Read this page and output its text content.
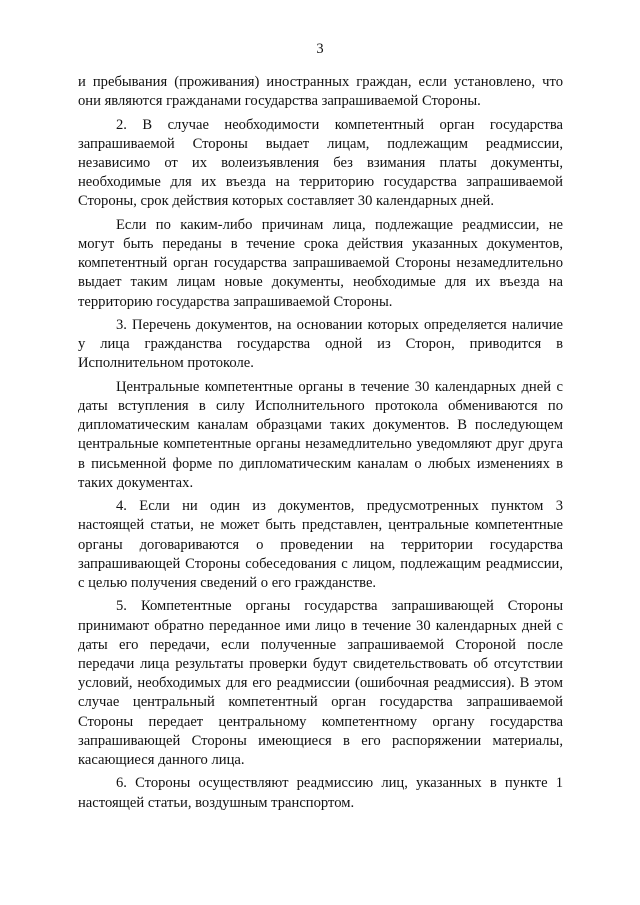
3

и пребывания (проживания) иностранных граждан, если установлено, что они являются гражданами государства запрашиваемой Стороны.

2. В случае необходимости компетентный орган государства запрашиваемой Стороны выдает лицам, подлежащим реадмиссии, независимо от их волеизъявления без взимания платы документы, необходимые для их въезда на территорию государства запрашиваемой Стороны, срок действия которых составляет 30 календарных дней.

Если по каким-либо причинам лица, подлежащие реадмиссии, не могут быть переданы в течение срока действия указанных документов, компетентный орган государства запрашиваемой Стороны незамедлительно выдает таким лицам новые документы, необходимые для их въезда на территорию государства запрашиваемой Стороны.

3. Перечень документов, на основании которых определяется наличие у лица гражданства государства одной из Сторон, приводится в Исполнительном протоколе.

Центральные компетентные органы в течение 30 календарных дней с даты вступления в силу Исполнительного протокола обмениваются по дипломатическим каналам образцами таких документов. В последующем центральные компетентные органы незамедлительно уведомляют друг друга в письменной форме по дипломатическим каналам о любых изменениях в таких документах.

4. Если ни один из документов, предусмотренных пунктом 3 настоящей статьи, не может быть представлен, центральные компетентные органы договариваются о проведении на территории государства запрашивающей Стороны собеседования с лицом, подлежащим реадмиссии, с целью получения сведений о его гражданстве.

5. Компетентные органы государства запрашивающей Стороны принимают обратно переданное ими лицо в течение 30 календарных дней с даты его передачи, если полученные запрашиваемой Стороной после передачи лица результаты проверки будут свидетельствовать об отсутствии условий, необходимых для его реадмиссии (ошибочная реадмиссия). В этом случае центральный компетентный орган государства запрашиваемой Стороны передает центральному компетентному органу государства запрашивающей Стороны имеющиеся в его распоряжении материалы, касающиеся данного лица.

6. Стороны осуществляют реадмиссию лиц, указанных в пункте 1 настоящей статьи, воздушным транспортом.
